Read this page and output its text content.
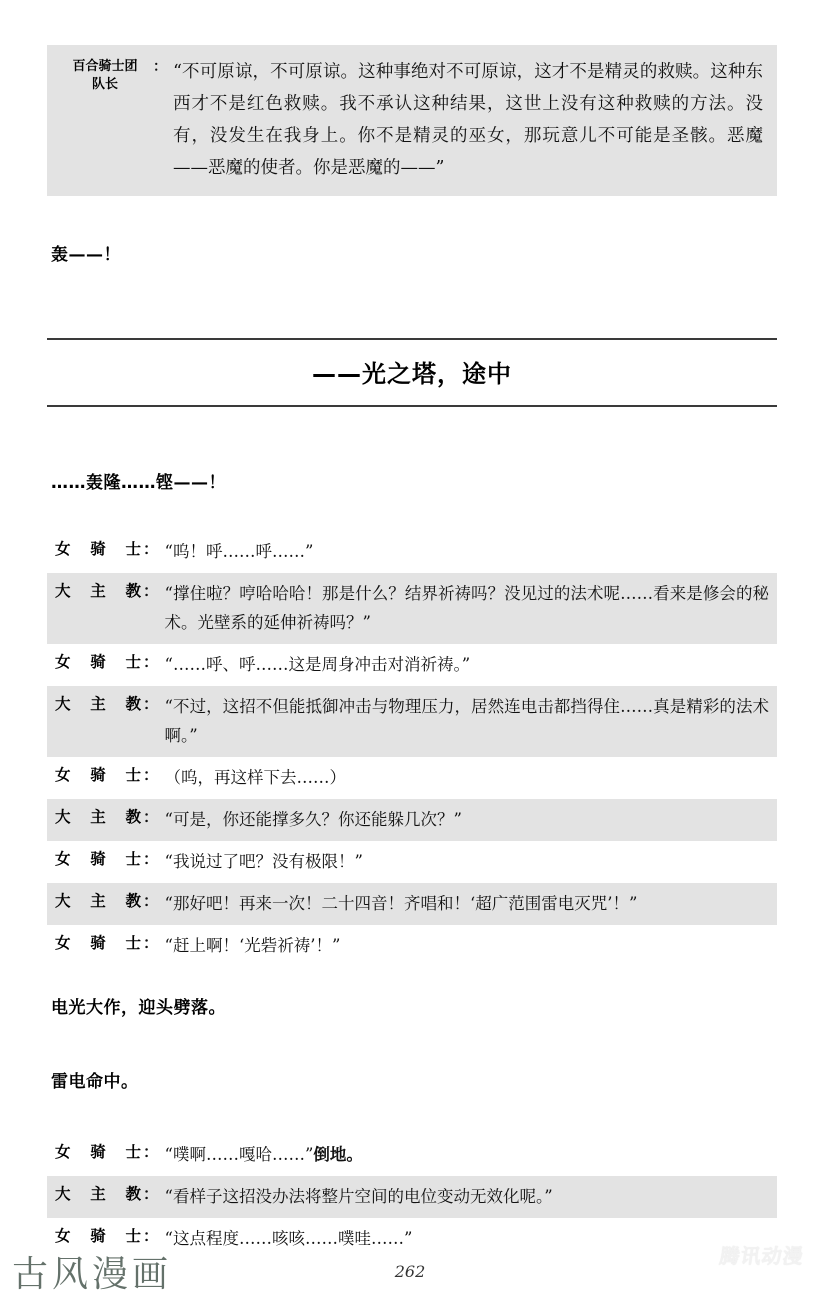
百合骑士团
队长
： “不可原谅，不可原谅。这种事绝对不可原谅，这才不是精灵的救赎。这种东西才不是红色救赎。我不承认这种结果，这世上没有这种救赎的方法。没有，没发生在我身上。你不是精灵的巫女，那玩意儿不可能是圣骸。恶魔——恶魔的使者。你是恶魔的——”
轰——！
——光之塔，途中
……轰隆……铿——！
女骑士 ： “呜！呼……呼……”
大主教 ： “撑住啦？哼哈哈哈！那是什么？结界祈祷吗？没见过的法术呢……看来是修会的秘术。光壁系的延伸祈祷吗？”
女骑士 ： “……呼、呼……这是周身冲击对消祈祷。”
大主教 ： “不过，这招不但能抵御冲击与物理压力，居然连电击都挡得住……真是精彩的法术啊。”
女骑士 ： （呜，再这样下去……）
大主教 ： “可是，你还能撑多久？你还能躲几次？”
女骑士 ： “我说过了吧？没有极限！”
大主教 ： “那好吧！再来一次！二十四音！齐唱和！‘超广范围雷电灭咒’！”
女骑士 ： “赶上啊！‘光砦祈祷’！”
电光大作，迎头劈落。
雷电命中。
女骑士 ： “噗啊……嘎哈……”倒地。
大主教 ： “看样子这招没办法将整片空间的电位变动无效化呢。”
女骑士 ： “这点程度……咳咳……噗哇……”
262
古风漫画	腾讯动漫
